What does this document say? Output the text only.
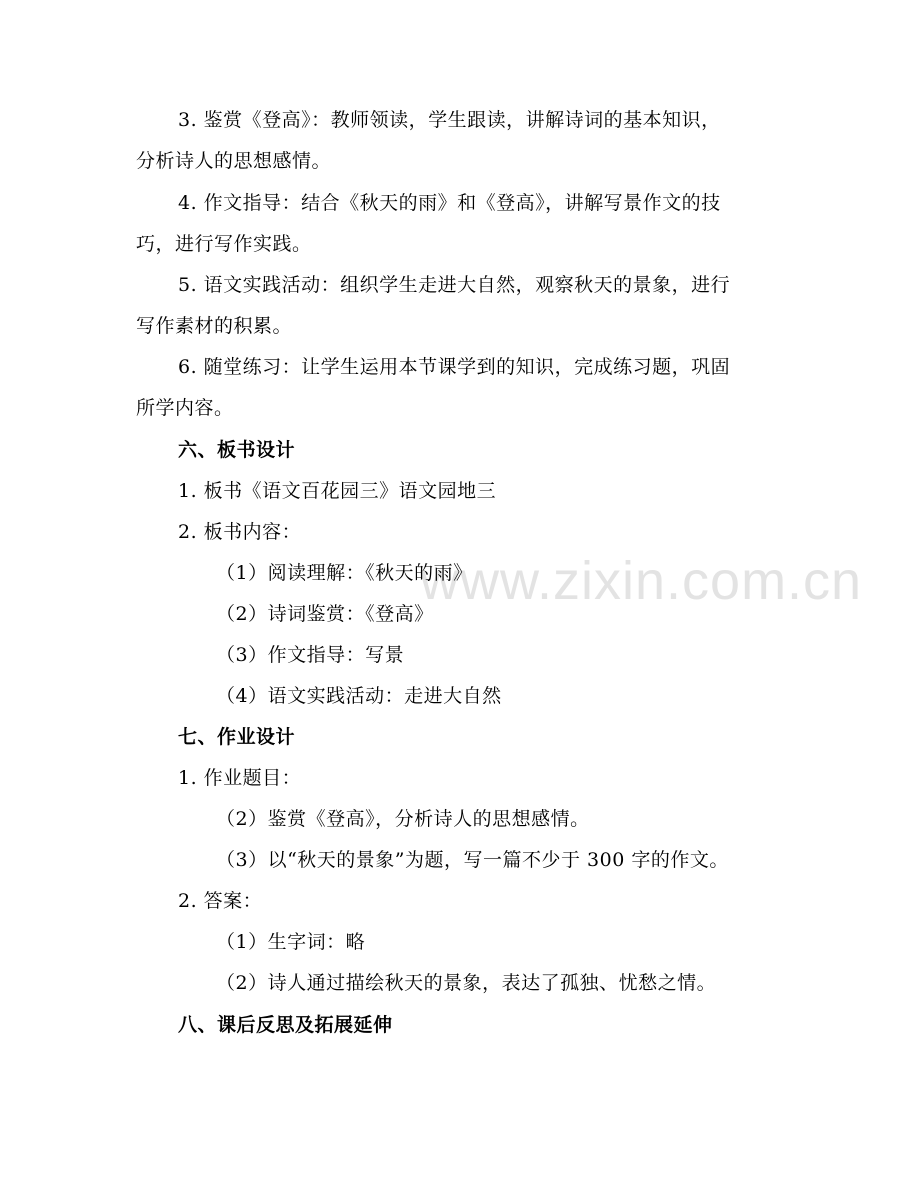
www.zixin.com.cn
3. 鉴赏《登高》：教师领读，学生跟读，讲解诗词的基本知识，
分析诗人的思想感情。
4. 作文指导：结合《秋天的雨》和《登高》，讲解写景作文的技
巧，进行写作实践。
5. 语文实践活动：组织学生走进大自然，观察秋天的景象，进行
写作素材的积累。
6. 随堂练习：让学生运用本节课学到的知识，完成练习题，巩固
所学内容。
六、板书设计
1. 板书《语文百花园三》语文园地三
2. 板书内容：
（1）阅读理解：《秋天的雨》
（2）诗词鉴赏：《登高》
（3）作文指导：写景
（4）语文实践活动：走进大自然
七、作业设计
1. 作业题目：
（2）鉴赏《登高》，分析诗人的思想感情。
（3）以“秋天的景象”为题，写一篇不少于 300 字的作文。
2. 答案：
（1）生字词：略
（2）诗人通过描绘秋天的景象，表达了孤独、忧愁之情。
八、课后反思及拓展延伸
